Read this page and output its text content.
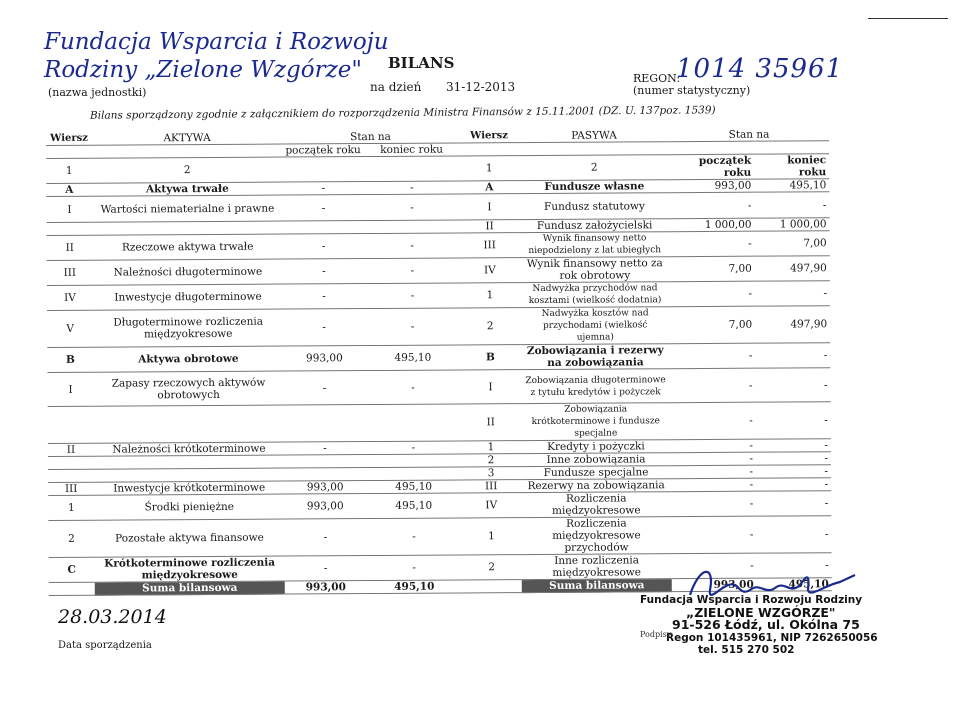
Fundacja Wsparcia i Rozwoju
Rodziny „Zielone Wzgórze"
(nazwa jednostki)
BILANS
na dzień 31-12-2013
REGON:
1014 35961
(numer statystyczny)
Bilans sporządzony zgodnie z załącznikiem do rozporządzenia Ministra Finansów z 15.11.2001 (DZ. U. 137poz. 1539)
Wiersz	AKTYWA	Stan na		Wiersz	PASYWA	Stan na	
		początek roku	koniec roku				
1	2			1	2	początek roku	koniec roku
A	Aktywa trwałe	-	-	A	Fundusze własne	993,00	495,10
I	Wartości niematerialne i prawne	-	-	I	Fundusz statutowy	-	-
				II	Fundusz założycielski	1 000,00	1 000,00
II	Rzeczowe aktywa trwałe	-	-	III	Wynik finansowy netto niepodzielony z lat ubiegłych	-	7,00
III	Należności długoterminowe	-	-	IV	Wynik finansowy netto za rok obrotowy	7,00	497,90
IV	Inwestycje długoterminowe	-	-	1	Nadwyżka przychodów nad kosztami (wielkość dodatnia)	-	-
V	Długoterminowe rozliczenia międzyokresowe	-	-	2	Nadwyżka kosztów nad przychodami (wielkość ujemna)	7,00	497,90
B	Aktywa obrotowe	993,00	495,10	B	Zobowiązania i rezerwy na zobowiązania	-	-
I	Zapasy rzeczowych aktywów obrotowych	-	-	I	Zobowiązania długoterminowe z tytułu kredytów i pożyczek	-	-
				II	Zobowiązania krótkoterminowe i fundusze specjalne	-	-
II	Należności krótkoterminowe	-	-	1	Kredyty i pożyczki	-	-
				2	Inne zobowiązania	-	-
				3	Fundusze specjalne	-	-
III	Inwestycje krótkoterminowe	993,00	495,10	III	Rezerwy na zobowiązania	-	-
1	Środki pieniężne	993,00	495,10	IV	Rozliczenia międzyokresowe	-	-
2	Pozostałe aktywa finansowe	-	-	1	Rozliczenia międzyokresowe przychodów	-	-
C	Krótkoterminowe rozliczenia międzyokresowe	-	-	2	Inne rozliczenia międzyokresowe	-	-
	Suma bilansowa	993,00	495,10		Suma bilansowa	993,00	495,10
28.03.2014
Data sporządzenia
Fundacja Wsparcia i Rozwoju Rodziny
„ZIELONE WZGÓRZE"
91-526 Łódź, ul. Okólna 75
Regon 101435961, NIP 7262650056
tel. 515 270 502
Podpisy
